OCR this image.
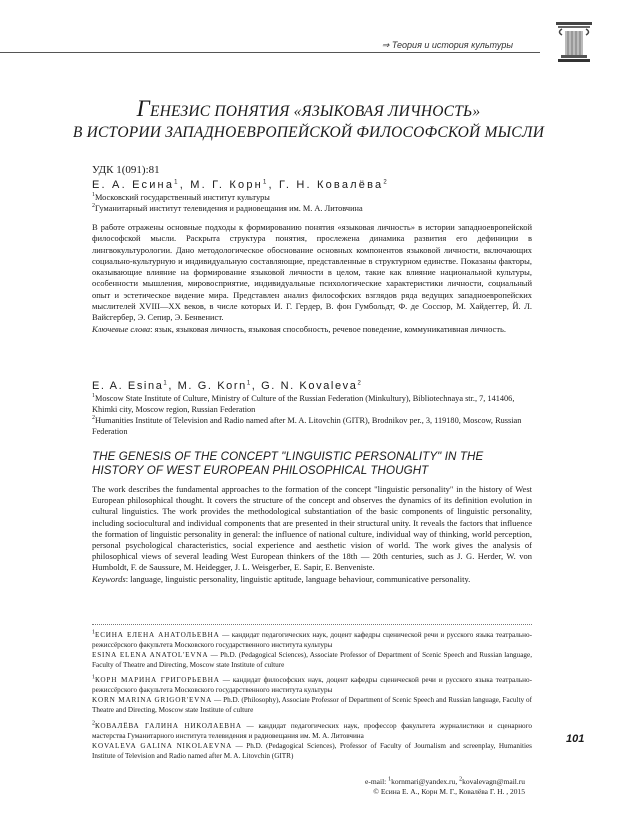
⇒ Теория и история культуры
ГЕНЕЗИС ПОНЯТИЯ «ЯЗЫКОВАЯ ЛИЧНОСТЬ»
В ИСТОРИИ ЗАПАДНОЕВРОПЕЙСКОЙ ФИЛОСОФСКОЙ МЫСЛИ
УДК 1(091):81
Е. А. Есина$^1$, М. Г. Корн$^1$, Г. Н. Ковалёва$^2$
$^1$Московский государственный институт культуры
$^2$Гуманитарный институт телевидения и радиовещания им. М. А. Литовчина
В работе отражены основные подходы к формированию понятия «языковая личность» в истории западноевропейской философской мысли. Раскрыта структура понятия, прослежена динамика развития его дефиниции в лингвокультурологии. Дано методологическое обоснование основных компонентов языковой личности, включающих социально-культурную и индивидуальную составляющие, представленные в структурном единстве. Показаны факторы, оказывающие влияние на формирование языковой личности в целом, такие как влияние национальной культуры, особенности мышления, мировосприятие, индивидуальные психологические характеристики личности, социальный опыт и эстетическое видение мира. Представлен анализ философских взглядов ряда ведущих западноевропейских мыслителей XVIII—XX веков, в числе которых И. Г. Гердер, В. фон Гумбольдт, Ф. де Соссюр, М. Хайдеггер, Й. Л. Вайсгербер, Э. Сепир, Э. Бенвенист.
Ключевые слова: язык, языковая личность, языковая способность, речевое поведение, коммуникативная личность.
E. A. Esina$^1$, M. G. Korn$^1$, G. N. Kovaleva$^2$
$^1$Moscow State Institute of Culture, Ministry of Culture of the Russian Federation (Minkultury), Bibliotechnaya str., 7, 141406, Khimki city, Moscow region, Russian Federation
$^2$Humanities Institute of Television and Radio named after M. A. Litovchin (GITR), Brodnikov per., 3, 119180, Moscow, Russian Federation
THE GENESIS OF THE CONCEPT "LINGUISTIC PERSONALITY" IN THE HISTORY OF WEST EUROPEAN PHILOSOPHICAL THOUGHT
The work describes the fundamental approaches to the formation of the concept "linguistic personality" in the history of West European philosophical thought. It covers the structure of the concept and observes the dynamics of its definition evolution in cultural linguistics. The work provides the methodological substantiation of the basic components of linguistic personality, including sociocultural and individual components that are presented in their structural unity. It reveals the factors that influence the formation of linguistic personality in general: the influence of national culture, individual way of thinking, world perception, personal psychological characteristics, social experience and aesthetic vision of world. The work gives the analysis of philosophical views of several leading West European thinkers of the 18th — 20th centuries, such as J. G. Herder, W. von Humboldt, F. de Saussure, M. Heidegger, J. L. Weisgerber, E. Sapir, E. Benveniste.
Keywords: language, linguistic personality, linguistic aptitude, language behaviour, communicative personality.
$^1$ЕСИНА ЕЛЕНА АНАТОЛЬЕВНА — кандидат педагогических наук, доцент кафедры сценической речи и русского языка театрально-режиссёрского факультета Московского государственного института культуры
ESINA ELENA ANATOL'EVNA — Ph.D. (Pedagogical Sciences), Associate Professor of Department of Scenic Speech and Russian language, Faculty of Theatre and Directing, Moscow state Institute of culture
$^1$КОРН МАРИНА ГРИГОРЬЕВНА — кандидат философских наук, доцент кафедры сценической речи и русского языка театрально-режиссёрского факультета Московского государственного института культуры
KORN MARINA GRIGOR'EVNA — Ph.D. (Philosophy), Associate Professor of Department of Scenic Speech and Russian language, Faculty of Theatre and Directing, Moscow state Institute of culture
$^2$КОВАЛЁВА ГАЛИНА НИКОЛАЕВНА — кандидат педагогических наук, профессор факультета журналистики и сценарного мастерства Гуманитарного института телевидения и радиовещания им. М. А. Литовчина
KOVALEVA GALINA NIKOLAEVNA — Ph.D. (Pedagogical Sciences), Professor of Faculty of Journalism and screenplay, Humanities Institute of Television and Radio named after M. A. Litovchin (GITR)
101
e-mail: $^1$kornmari@yandex.ru, $^2$kovalevagn@mail.ru
© Есина Е. А., Корн М. Г., Ковалёва Г. Н. , 2015
